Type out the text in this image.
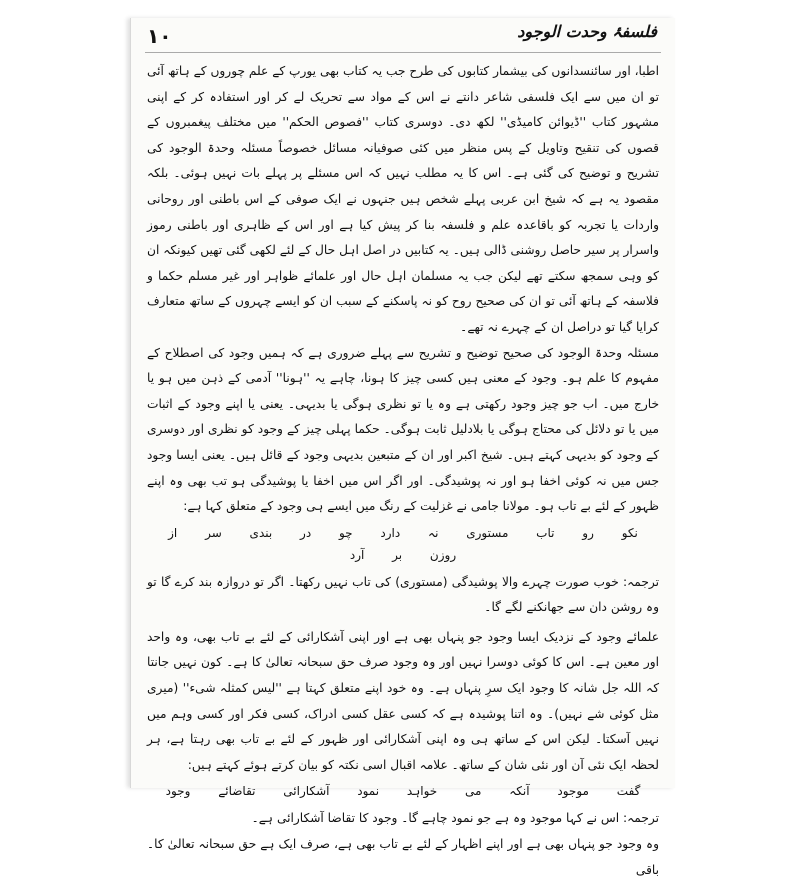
١٠	فلسفۂ وحدت الوجود

اطبا، اور سائنسدانوں کی بیشمار کتابوں کی طرح جب یہ کتاب بھی یورپ کے علم چوروں کے ہاتھ آئی تو ان میں سے ایک فلسفی شاعر دانتے نے اس کے مواد سے تحریک لے کر اور استفادہ کر کے اپنی مشہور کتاب ''ڈیوائن کامیڈی'' لکھ دی۔ دوسری کتاب ''فصوص الحکم'' میں مختلف پیغمبروں کے قصوں کی تنقیح وتاویل کے پس منظر میں کئی صوفیانہ مسائل خصوصاً مسئلہ وحدۃ الوجود کی تشریح و توضیح کی گئی ہے۔ اس کا یہ مطلب نہیں کہ اس مسئلے پر پہلے بات نہیں ہوئی۔ بلکہ مقصود یہ ہے کہ شیخ ابن عربی پہلے شخص ہیں جنہوں نے ایک صوفی کے اس باطنی اور روحانی واردات یا تجربہ کو باقاعدہ علم و فلسفہ بنا کر پیش کیا ہے اور اس کے ظاہری اور باطنی رموز واسرار پر سیر حاصل روشنی ڈالی ہیں۔ یہ کتابیں در اصل اہل حال کے لئے لکھی گئی تھیں کیونکہ ان کو وہی سمجھ سکتے تھے لیکن جب یہ مسلمان اہل حال اور علمائے ظواہر اور غیر مسلم حکما و فلاسفہ کے ہاتھ آئی تو ان کی صحیح روح کو نہ پاسکنے کے سبب ان کو ایسے چہروں کے ساتھ متعارف کرایا گیا تو دراصل ان کے چہرے نہ تھے۔

مسئلہ وحدۃ الوجود کی صحیح توضیح و تشریح سے پہلے ضروری ہے کہ ہمیں وجود کی اصطلاح کے مفہوم کا علم ہو۔ وجود کے معنی ہیں کسی چیز کا ہونا، چاہے یہ ''ہونا'' آدمی کے ذہن میں ہو یا خارج میں۔ اب جو چیز وجود رکھتی ہے وہ یا تو نظری ہوگی یا بدیہی۔ یعنی یا اپنے وجود کے اثبات میں یا تو دلائل کی محتاج ہوگی یا بلادلیل ثابت ہوگی۔ حکما پہلی چیز کے وجود کو نظری اور دوسری کے وجود کو بدیہی کہتے ہیں۔ شیخ اکبر اور ان کے متبعین بدیہی وجود کے قائل ہیں۔ یعنی ایسا وجود جس میں نہ کوئی اخفا ہو اور نہ پوشیدگی۔ اور اگر اس میں اخفا یا پوشیدگی ہو تب بھی وہ اپنے ظہور کے لئے بے تاب ہو۔ مولانا جامی نے غزلیت کے رنگ میں ایسے ہی وجود کے متعلق کہا ہے:

نکو رو تاب مستوری نہ دارد چو در بندی سر از روزن بر آرد

ترجمہ: خوب صورت چہرے والا پوشیدگی (مستوری) کی تاب نہیں رکھتا۔ اگر تو دروازہ بند کرے گا تو وہ روشن دان سے جھانکنے لگے گا۔

علمائے وجود کے نزدیک ایسا وجود جو پنہاں بھی ہے اور اپنی آشکارائی کے لئے بے تاب بھی، وہ واحد اور معین ہے۔ اس کا کوئی دوسرا نہیں اور وہ وجود صرف حق سبحانہ تعالیٰ کا ہے۔ کون نہیں جانتا کہ اللہ جل شانہ کا وجود ایک سرِ پنہاں ہے۔ وہ خود اپنے متعلق کہتا ہے ''لیس کمثلہ شیء'' (میری مثل کوئی شے نہیں)۔ وہ اتنا پوشیدہ ہے کہ کسی عقل کسی ادراک، کسی فکر اور کسی وہم میں نہیں آسکتا۔ لیکن اس کے ساتھ ہی وہ اپنی آشکارائی اور ظہور کے لئے بے تاب بھی رہتا ہے، ہر لحظہ ایک نئی آن اور نئی شان کے ساتھ۔ علامہ اقبال اسی نکتہ کو بیان کرتے ہوئے کہتے ہیں:

گفت موجود آنکہ می خواہد نمود آشکارائی تقاضائے وجود

ترجمہ: اس نے کہا موجود وہ ہے جو نمود چاہے گا۔ وجود کا تقاضا آشکارائی ہے۔

وہ وجود جو پنہاں بھی ہے اور اپنے اظہار کے لئے بے تاب بھی ہے، صرف ایک ہے حق سبحانہ تعالیٰ کا۔ باقی
